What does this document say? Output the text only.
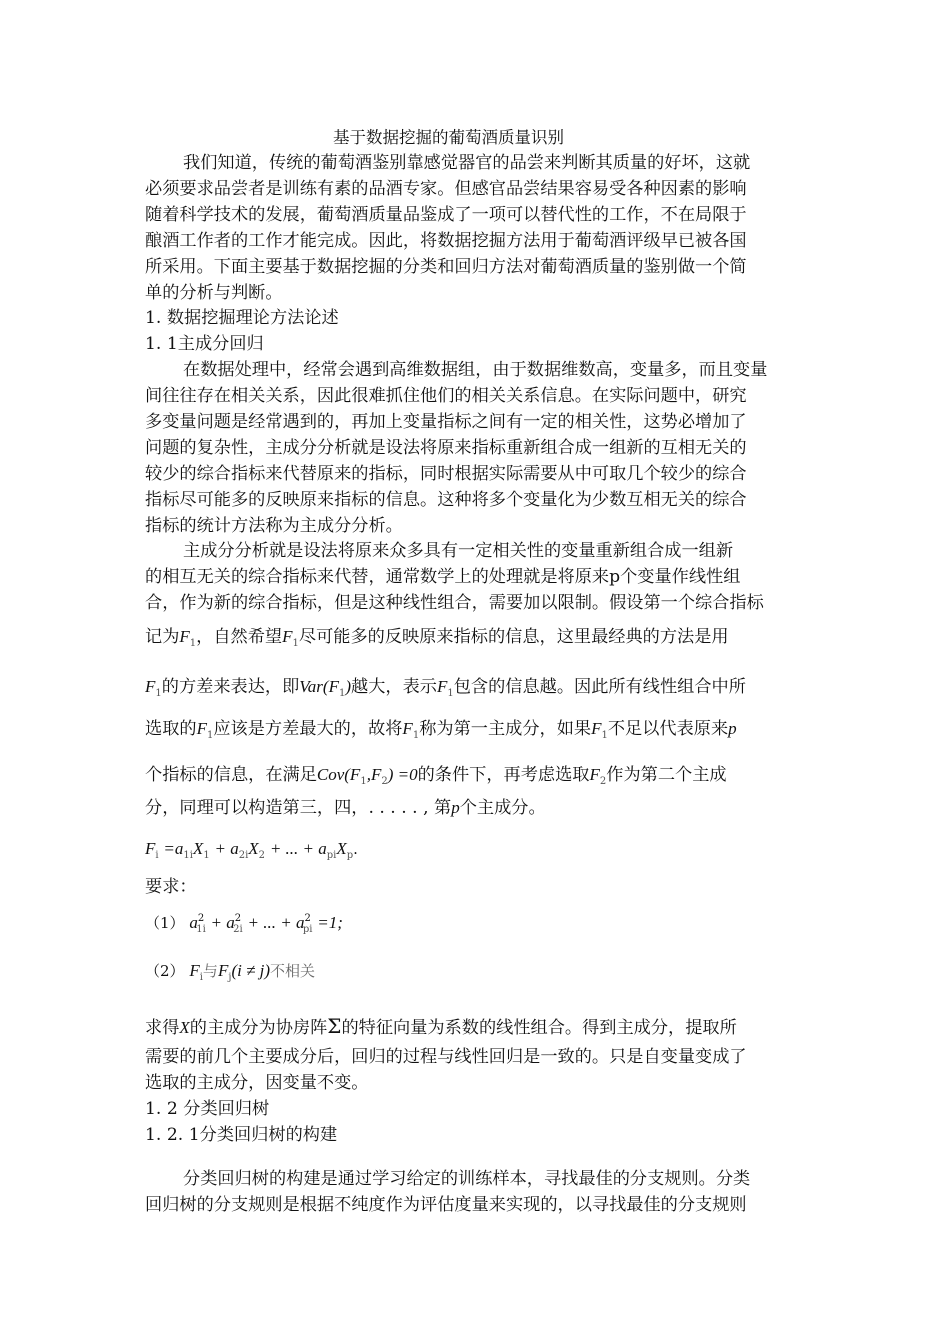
基于数据挖掘的葡萄酒质量识别
我们知道，传统的葡萄酒鉴别靠感觉器官的品尝来判断其质量的好坏，这就
必须要求品尝者是训练有素的品酒专家。但感官品尝结果容易受各种因素的影响
随着科学技术的发展，葡萄酒质量品鉴成了一项可以替代性的工作，不在局限于
酿酒工作者的工作才能完成。因此，将数据挖掘方法用于葡萄酒评级早已被各国
所采用。下面主要基于数据挖掘的分类和回归方法对葡萄酒质量的鉴别做一个简
单的分析与判断。
1. 数据挖掘理论方法论述
1. 1主成分回归
在数据处理中，经常会遇到高维数据组，由于数据维数高，变量多，而且变量
间往往存在相关关系，因此很难抓住他们的相关关系信息。在实际问题中，研究
多变量问题是经常遇到的，再加上变量指标之间有一定的相关性，这势必增加了
问题的复杂性，主成分分析就是设法将原来指标重新组合成一组新的互相无关的
较少的综合指标来代替原来的指标，同时根据实际需要从中可取几个较少的综合
指标尽可能多的反映原来指标的信息。这种将多个变量化为少数互相无关的综合
指标的统计方法称为主成分分析。
主成分分析就是设法将原来众多具有一定相关性的变量重新组合成一组新
的相互无关的综合指标来代替，通常数学上的处理就是将原来p个变量作线性组
合，作为新的综合指标，但是这种线性组合，需要加以限制。假设第一个综合指标
记为$F_1$，自然希望$F_1$尽可能多的反映原来指标的信息，这里最经典的方法是用
$F_1$的方差来表达，即$Var(F_1)$越大，表示$F_1$包含的信息越。因此所有线性组合中所
选取的$F_1$应该是方差最大的，故将$F_1$称为第一主成分，如果$F_1$不足以代表原来p
个指标的信息，在满足$Cov(F_1,F_2) =0$的条件下，再考虑选取$F_2$作为第二个主成
分，同理可以构造第三，四，. . . . . , 第p个主成分。
$F_i =a_{1i}X_1 + a_{2i}X_2$ + ... + $a_{pi}X_p$.
要求：
（1） $a^2_{1i} + a^2_{2i}$ + ... + $a^2_{pi} =1$;
（2） $F_i$与$F_j(i \ne j)$不相关
求得X的主成分为协房阵Σ的特征向量为系数的线性组合。得到主成分，提取所
需要的前几个主要成分后，回归的过程与线性回归是一致的。只是自变量变成了
选取的主成分，因变量不变。
1. 2 分类回归树
1. 2. 1分类回归树的构建
分类回归树的构建是通过学习给定的训练样本，寻找最佳的分支规则。分类
回归树的分支规则是根据不纯度作为评估度量来实现的，以寻找最佳的分支规则
